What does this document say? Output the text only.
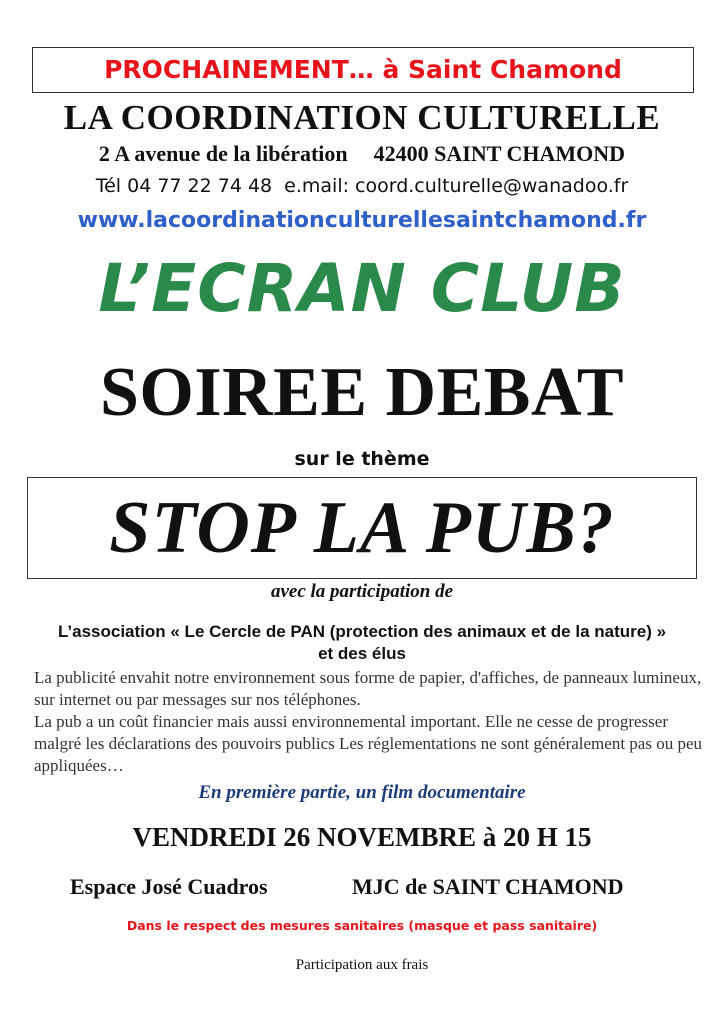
PROCHAINEMENT… à Saint Chamond
LA COORDINATION CULTURELLE
2 A avenue de la libération 42400 SAINT CHAMOND
Tél 04 77 22 74 48 e.mail: coord.culturelle@wanadoo.fr
www.lacoordinationculturellesaintchamond.fr
L’ECRAN CLUB
SOIREE DEBAT
sur le thème
STOP LA PUB?
avec la participation de
L’association « Le Cercle de PAN (protection des animaux et de la nature) » et des élus

La publicité envahit notre environnement sous forme de papier, d'affiches, de panneaux lumineux, sur internet ou par messages sur nos téléphones.

La pub a un coût financier mais aussi environnemental important. Elle ne cesse de progresser malgré les déclarations des pouvoirs publics Les réglementations ne sont généralement pas ou peu appliquées…

En première partie, un film documentaire
VENDREDI 26 NOVEMBRE à 20 H 15
Espace José Cuadros	MJC de SAINT CHAMOND
Dans le respect des mesures sanitaires (masque et pass sanitaire)
Participation aux frais
